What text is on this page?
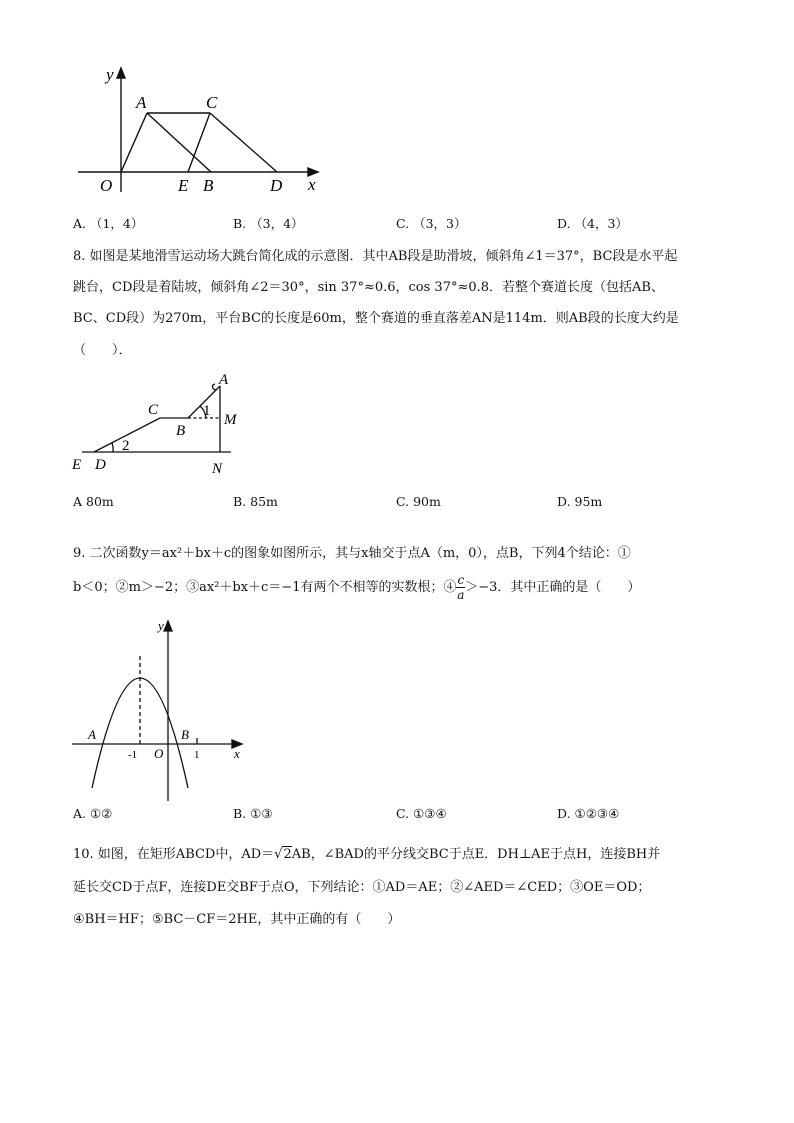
y
A	C
O	E B	D x
A. （1，4）	B. （3，4）	C. （3，3）	D. （4，3）
8. 如图是某地滑雪运动场大跳台简化成的示意图．其中AB段是助滑坡，倾斜角∠1＝37°，BC段是水平起
跳台，CD段是着陆坡，倾斜角∠2＝30°，sin 37°≈0.6，cos 37°≈0.8．若整个赛道长度（包括AB、
BC、CD段）为270m，平台BC的长度是60m，整个赛道的垂直落差AN是114m．则AB段的长度大约是
（　　）．
A
C
M
B
1
2
E D	N
A 80m	B. 85m	C. 90m	D. 95m
9. 二次函数y＝ax²＋bx＋c的图象如图所示，其与x轴交于点A（m，0），点B，下列4个结论：①
b＜0；②m＞−2；③ax²＋bx＋c＝−1有两个不相等的实数根；④ $\frac{c}{a} >-3$．其中正确的是（　　）
y
A	B
-1 O	1	x
A. ①②	B. ①③	C. ①③④	D. ①②③④
10. 如图，在矩形ABCD中，AD＝√2AB，∠BAD的平分线交BC于点E．DH⊥AE于点H，连接BH并
延长交CD于点F，连接DE交BF于点O，下列结论：①AD＝AE；②∠AED＝∠CED；③OE＝OD；
④BH＝HF；⑤BC－CF＝2HE，其中正确的有（　　）
